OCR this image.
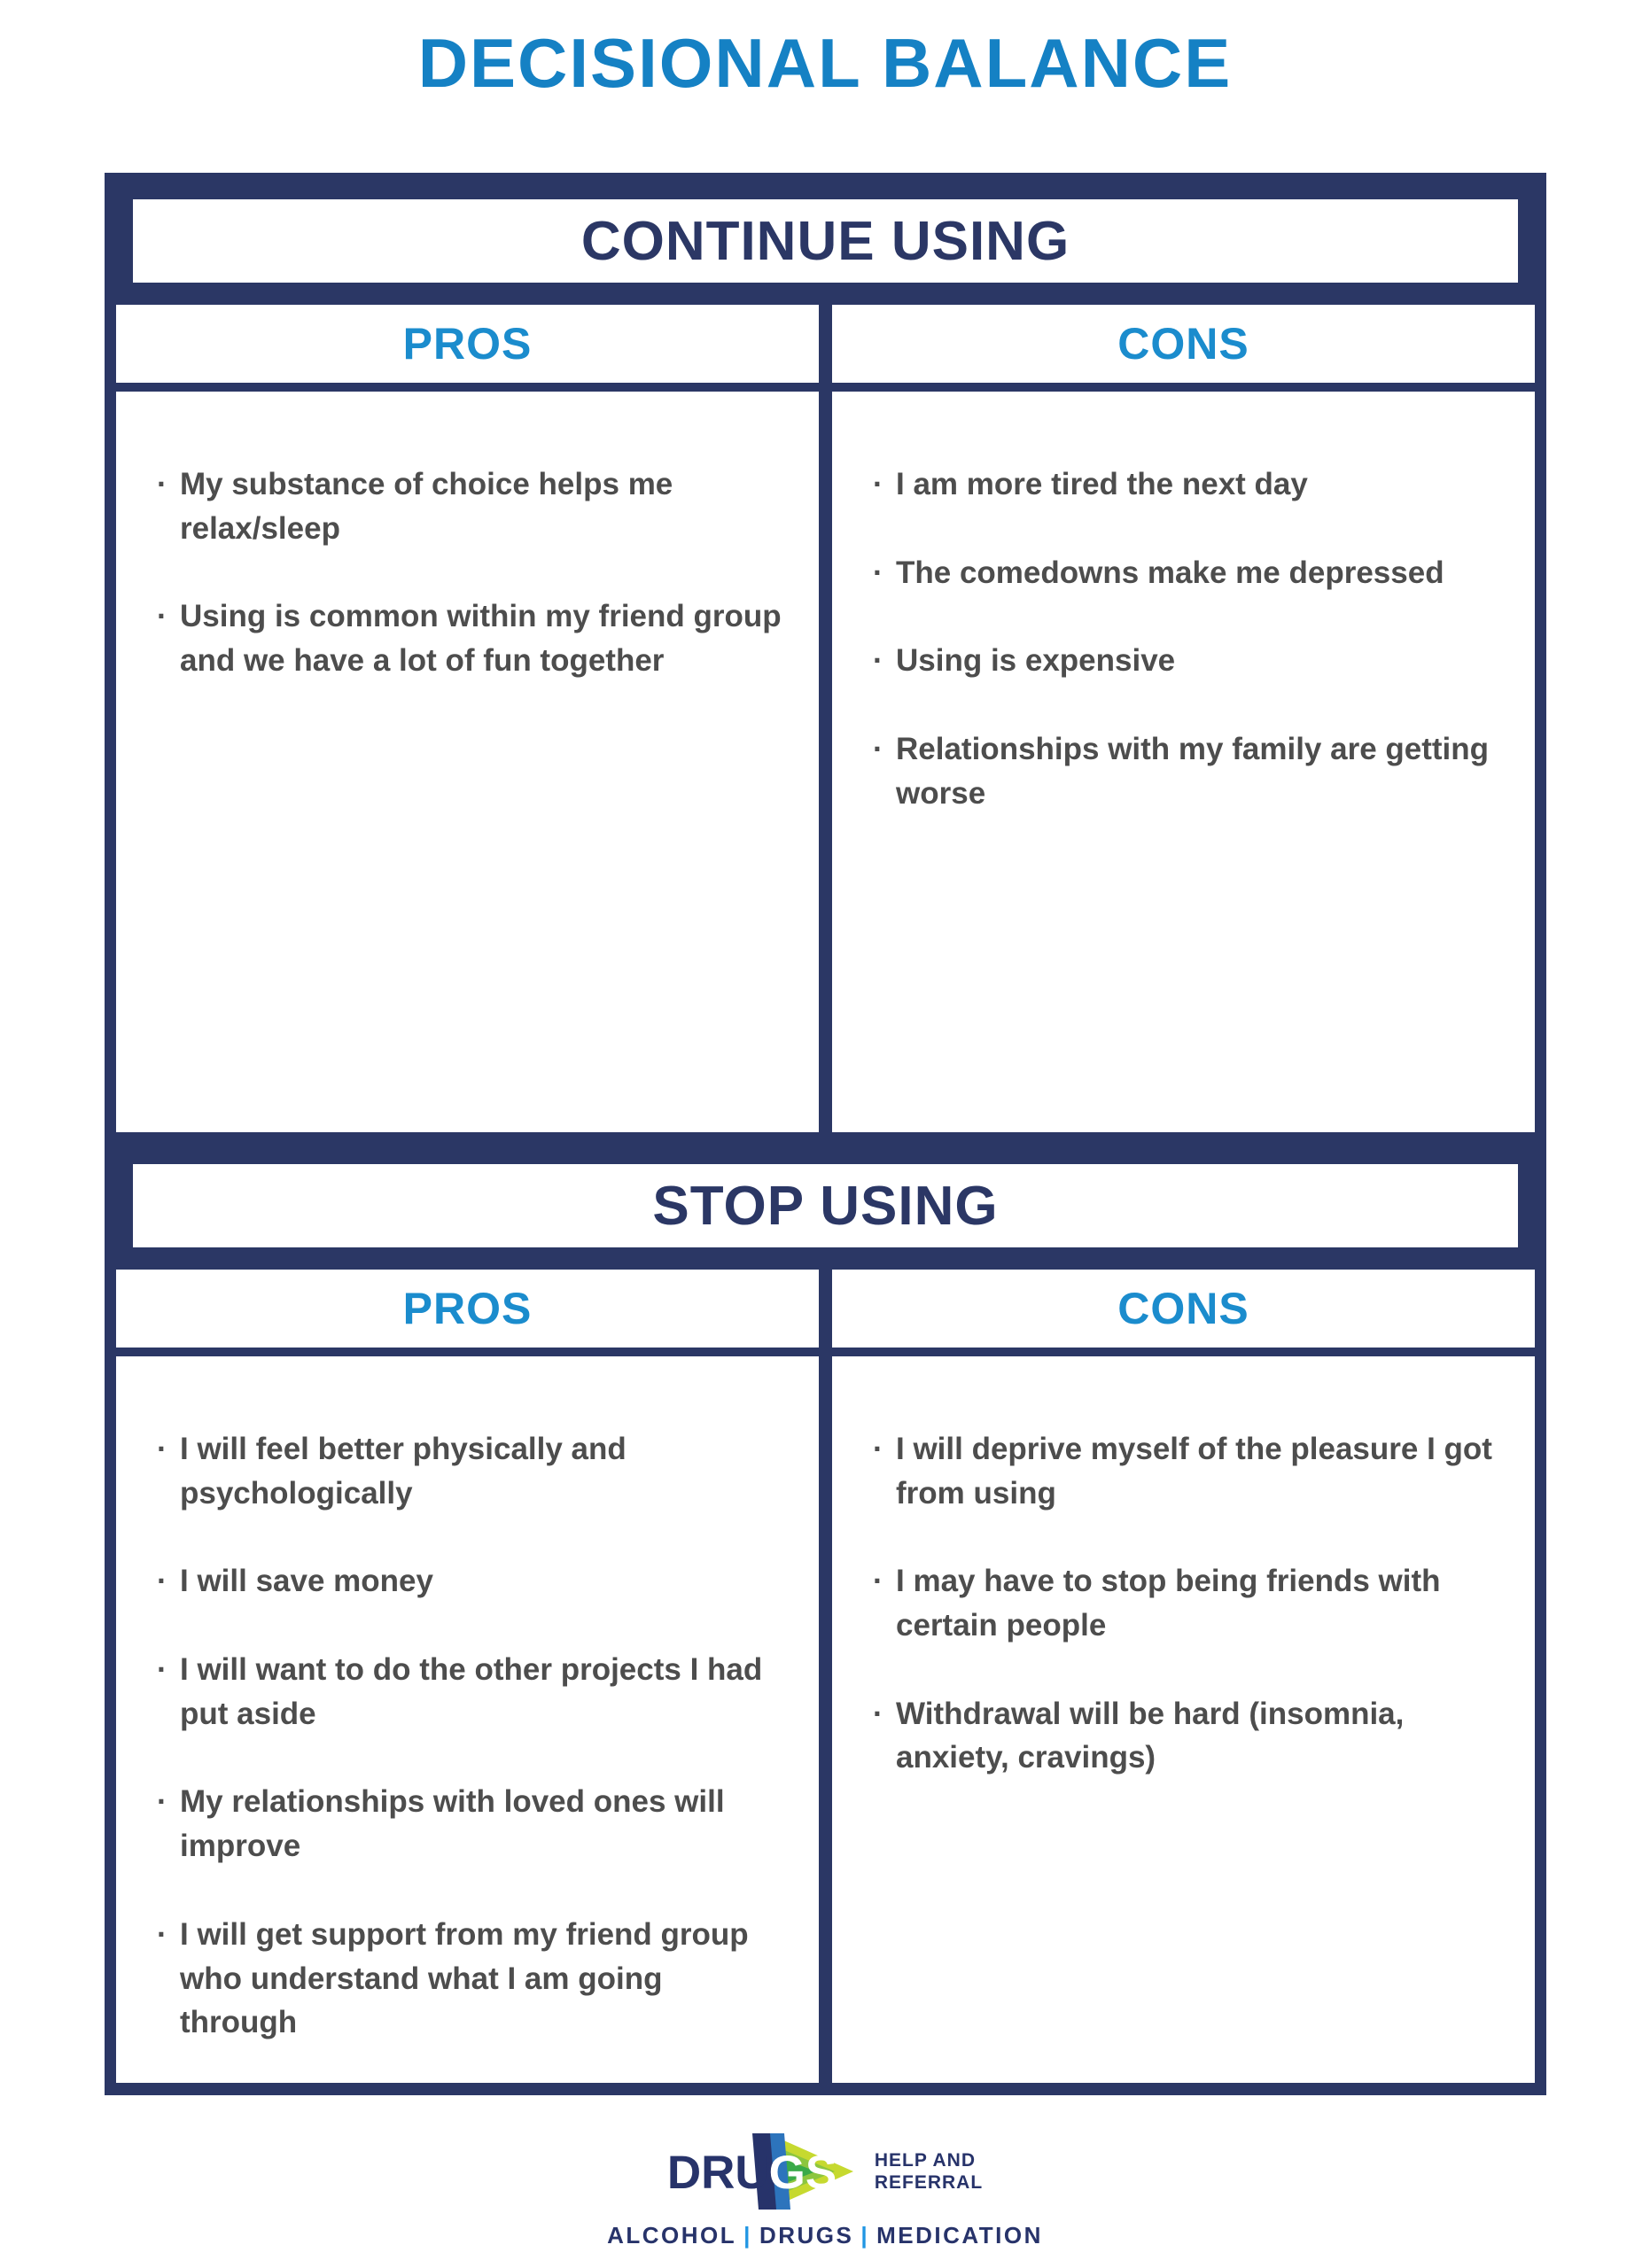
DECISIONAL BALANCE
CONTINUE USING
PROS	CONS
· My substance of choice helps me relax/sleep
· Using is common within my friend group and we have a lot of fun together
· I am more tired the next day
· The comedowns make me depressed
· Using is expensive
· Relationships with my family are getting worse
STOP USING
PROS	CONS
· I will feel better physically and psychologically
· I will save money
· I will want to do the other projects I had put aside
· My relationships with loved ones will improve
· I will get support from my friend group who understand what I am going through
· I will deprive myself of the pleasure I got from using
· I may have to stop being friends with certain people
· Withdrawal will be hard (insomnia, anxiety, cravings)
DRUGS HELP AND
REFERRAL
ALCOHOL | DRUGS | MEDICATION
